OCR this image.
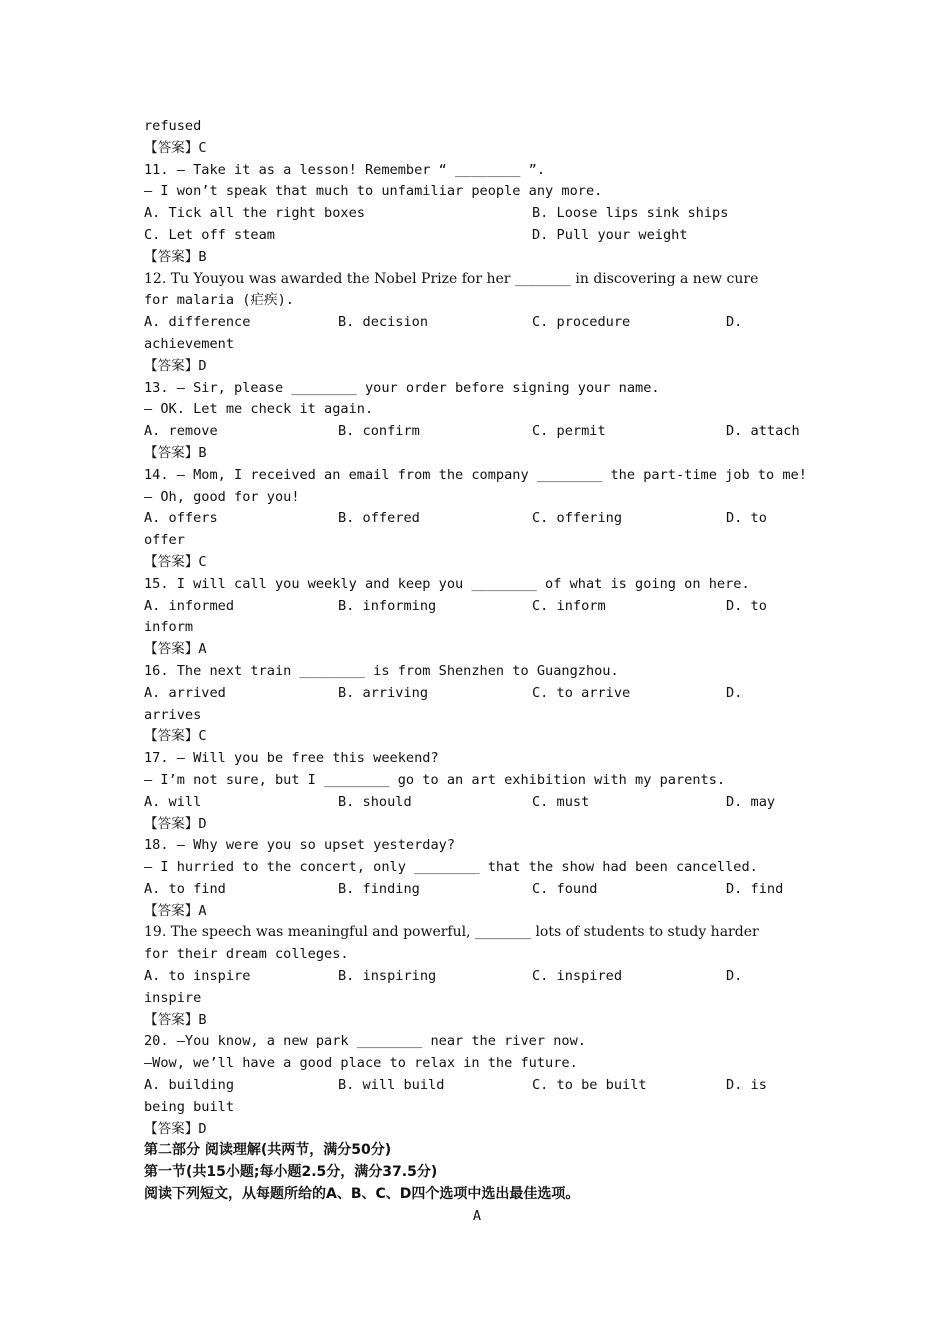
refused
【答案】C
11. — Take it as a lesson! Remember “ ________ ”.
— I won’t speak that much to unfamiliar people any more.
A. Tick all the right boxes	B. Loose lips sink ships
C. Let off steam	D. Pull your weight
【答案】B
12. Tu Youyou was awarded the Nobel Prize for her ________ in discovering a new cure
for malaria (疟疾).
A. difference	B. decision	C. procedure	D.
achievement
【答案】D
13. — Sir, please ________ your order before signing your name.
— OK. Let me check it again.
A. remove	B. confirm	C. permit	D. attach
【答案】B
14. — Mom, I received an email from the company ________ the part-time job to me!
— Oh, good for you!
A. offers	B. offered	C. offering	D. to
offer
【答案】C
15. I will call you weekly and keep you ________ of what is going on here.
A. informed	B. informing	C. inform	D. to
inform
【答案】A
16. The next train ________ is from Shenzhen to Guangzhou.
A. arrived	B. arriving	C. to arrive	D.
arrives
【答案】C
17. — Will you be free this weekend?
— I’m not sure, but I ________ go to an art exhibition with my parents.
A. will	B. should	C. must	D. may
【答案】D
18. — Why were you so upset yesterday?
— I hurried to the concert, only ________ that the show had been cancelled.
A. to find	B. finding	C. found	D. find
【答案】A
19. The speech was meaningful and powerful, ________ lots of students to study harder
for their dream colleges.
A. to inspire	B. inspiring	C. inspired	D.
inspire
【答案】B
20. —You know, a new park ________ near the river now.
—Wow, we’ll have a good place to relax in the future.
A. building	B. will build	C. to be built	D. is
being built
【答案】D
第二部分 阅读理解(共两节，满分50分)
第一节(共15小题;每小题2.5分，满分37.5分)
阅读下列短文，从每题所给的A、B、C、D四个选项中选出最佳选项。
A
